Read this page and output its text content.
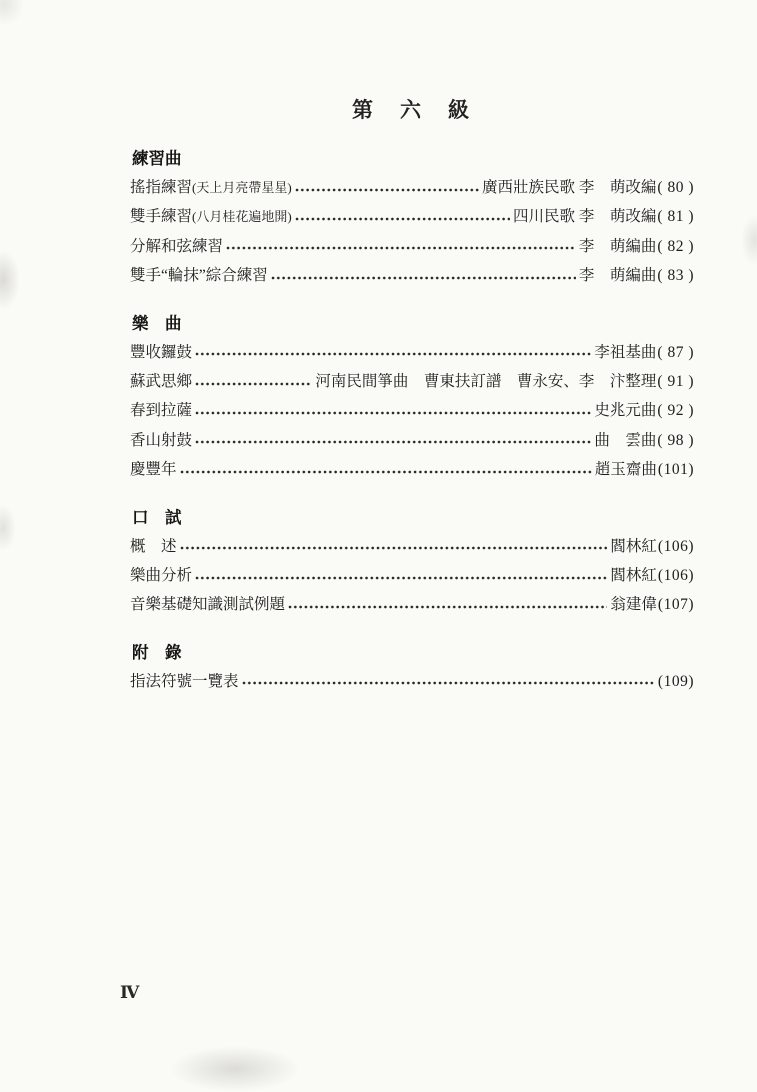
第　六　級
練習曲
搖指練習 (天上月亮帶星星)	廣西壯族民歌 李　萌改編 ( 80 )
雙手練習 (八月桂花遍地開)	四川民歌 李　萌改編 ( 81 )
分解和弦練習	李　萌編曲 ( 82 )
雙手“輪抹”綜合練習	李　萌編曲 ( 83 )
樂　曲
豐收鑼鼓	李祖基曲 ( 87 )
蘇武思鄉	河南民間箏曲　曹東扶訂譜　曹永安、李　汴整理 ( 91 )
春到拉薩	史兆元曲 ( 92 )
香山射鼓	曲　雲曲 ( 98 )
慶豐年	趙玉齋曲 (101)
口　試
概　述	閻林紅 (106)
樂曲分析	閻林紅 (106)
音樂基礎知識測試例題	翁建偉 (107)
附　錄
指法符號一覽表	(109)
Ⅳ
